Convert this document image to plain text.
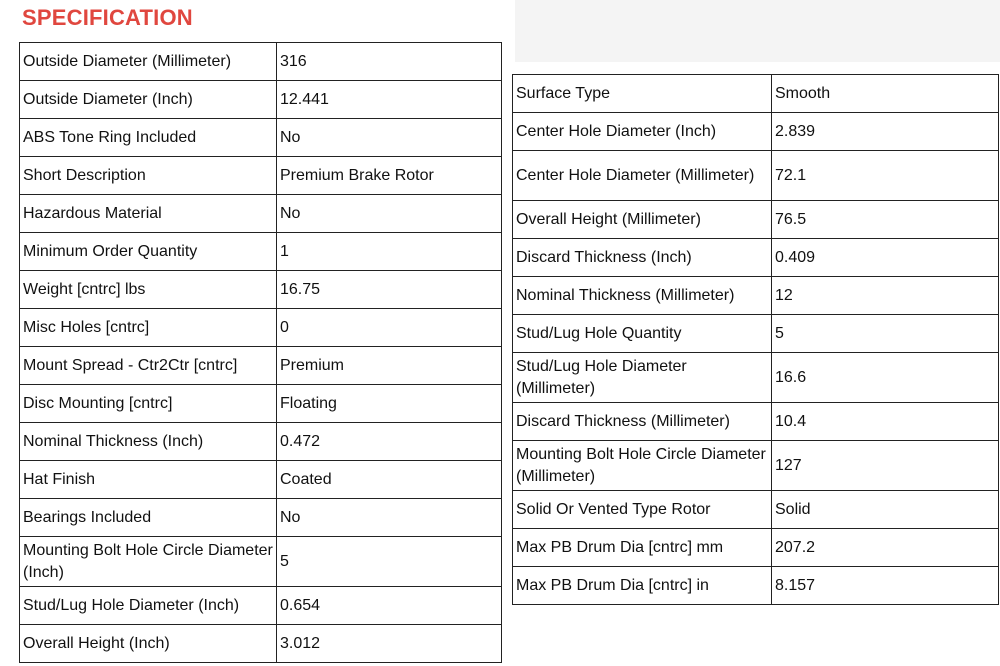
SPECIFICATION
Outside Diameter (Millimeter)	316
Outside Diameter (Inch)	12.441
ABS Tone Ring Included	No
Short Description	Premium Brake Rotor
Hazardous Material	No
Minimum Order Quantity	1
Weight [cntrc] lbs	16.75
Misc Holes [cntrc]	0
Mount Spread - Ctr2Ctr [cntrc]	Premium
Disc Mounting [cntrc]	Floating
Nominal Thickness (Inch)	0.472
Hat Finish	Coated
Bearings Included	No
Mounting Bolt Hole Circle Diameter (Inch)	5
Stud/Lug Hole Diameter (Inch)	0.654
Overall Height (Inch)	3.012
Surface Type	Smooth
Center Hole Diameter (Inch)	2.839
Center Hole Diameter (Millimeter)	72.1
Overall Height (Millimeter)	76.5
Discard Thickness (Inch)	0.409
Nominal Thickness (Millimeter)	12
Stud/Lug Hole Quantity	5
Stud/Lug Hole Diameter (Millimeter)	16.6
Discard Thickness (Millimeter)	10.4
Mounting Bolt Hole Circle Diameter (Millimeter)	127
Solid Or Vented Type Rotor	Solid
Max PB Drum Dia [cntrc] mm	207.2
Max PB Drum Dia [cntrc] in	8.157
